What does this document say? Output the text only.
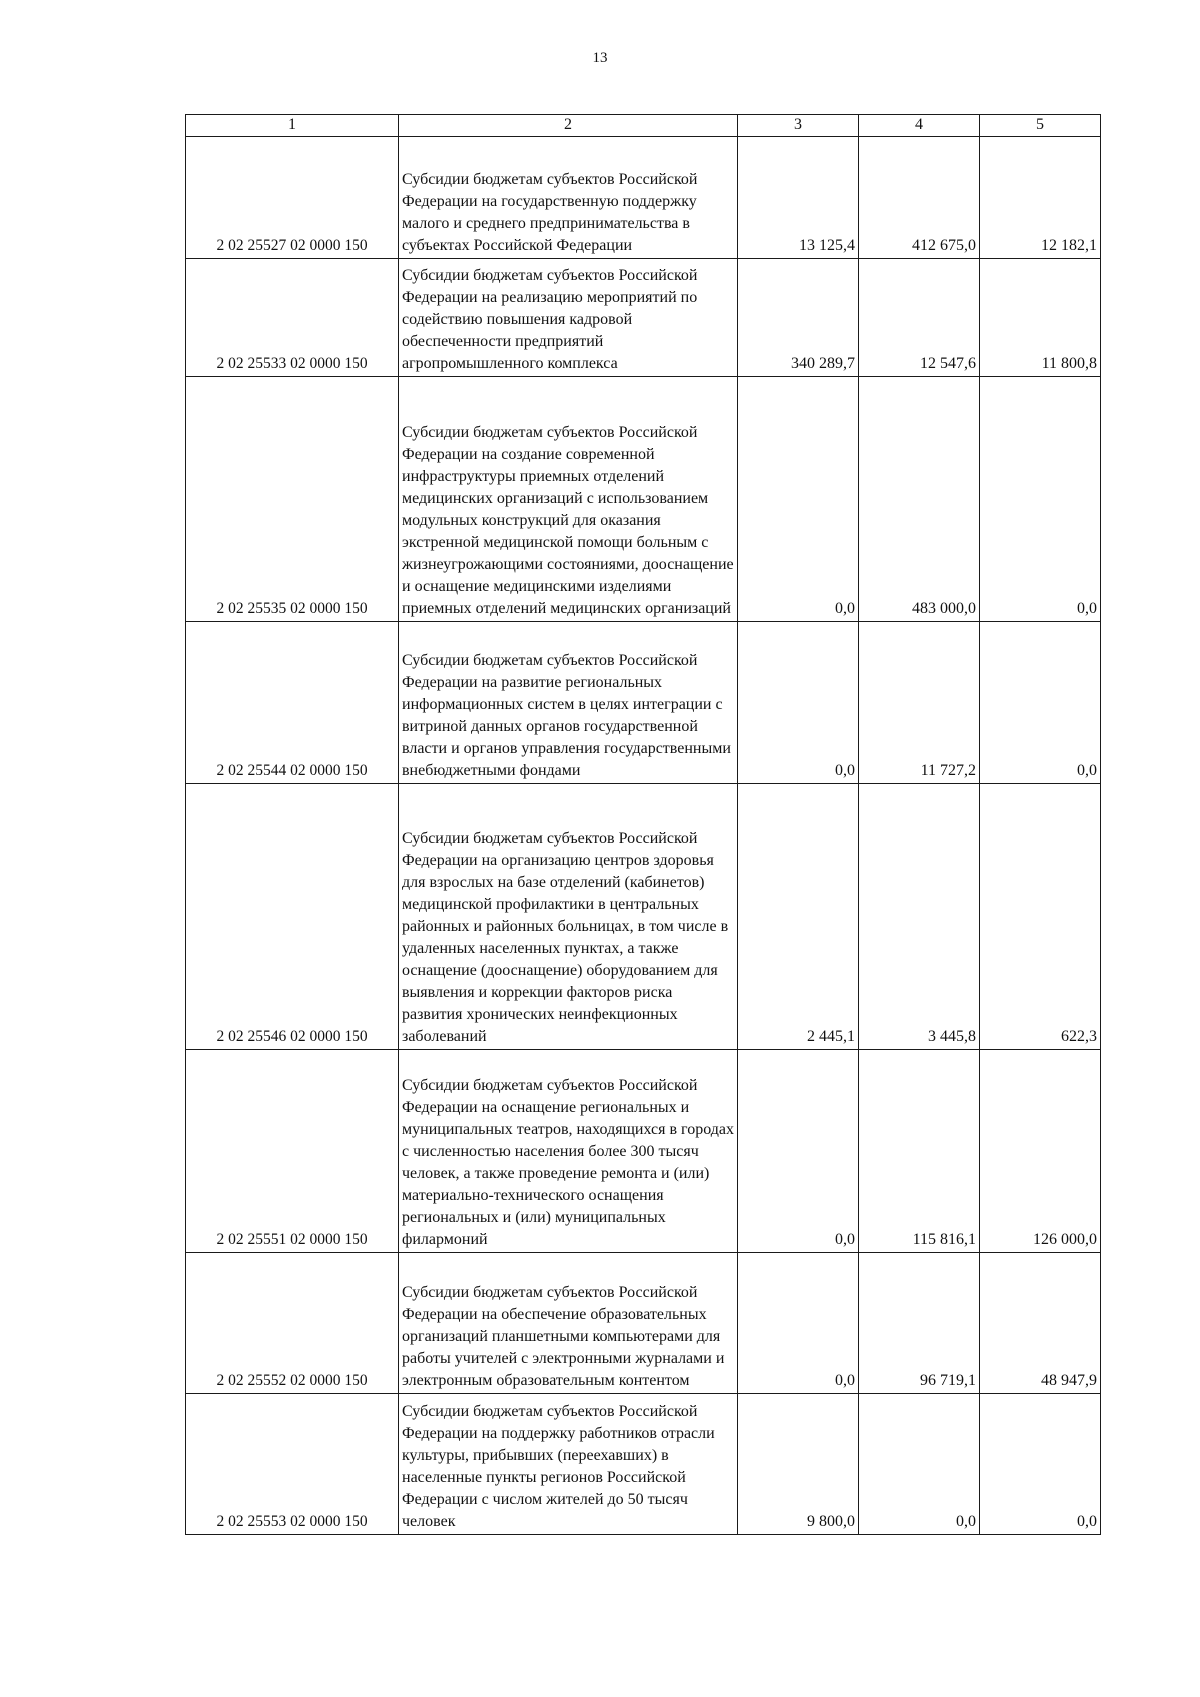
13
1	2	3	4	5
2 02 25527 02 0000 150	Субсидии бюджетам субъектов Российской Федерации на государственную поддержку малого и среднего предпринимательства в субъектах Российской Федерации	13 125,4	412 675,0	12 182,1
2 02 25533 02 0000 150	Субсидии бюджетам субъектов Российской Федерации на реализацию мероприятий по содействию повышения кадровой обеспеченности предприятий агропромышленного комплекса	340 289,7	12 547,6	11 800,8
2 02 25535 02 0000 150	Субсидии бюджетам субъектов Российской Федерации на создание современной инфраструктуры приемных отделений медицинских организаций с использованием модульных конструкций для оказания экстренной медицинской помощи больным с жизнеугрожающими состояниями, дооснащение и оснащение медицинскими изделиями приемных отделений медицинских организаций	0,0	483 000,0	0,0
2 02 25544 02 0000 150	Субсидии бюджетам субъектов Российской Федерации на развитие региональных информационных систем в целях интеграции с витриной данных органов государственной власти и органов управления государственными внебюджетными фондами	0,0	11 727,2	0,0
2 02 25546 02 0000 150	Субсидии бюджетам субъектов Российской Федерации на организацию центров здоровья для взрослых на базе отделений (кабинетов) медицинской профилактики в центральных районных и районных больницах, в том числе в удаленных населенных пунктах, а также оснащение (дооснащение) оборудованием для выявления и коррекции факторов риска развития хронических неинфекционных заболеваний	2 445,1	3 445,8	622,3
2 02 25551 02 0000 150	Субсидии бюджетам субъектов Российской Федерации на оснащение региональных и муниципальных театров, находящихся в городах с численностью населения более 300 тысяч человек, а также проведение ремонта и (или) материально-технического оснащения региональных и (или) муниципальных филармоний	0,0	115 816,1	126 000,0
2 02 25552 02 0000 150	Субсидии бюджетам субъектов Российской Федерации на обеспечение образовательных организаций планшетными компьютерами для работы учителей с электронными журналами и электронным образовательным контентом	0,0	96 719,1	48 947,9
2 02 25553 02 0000 150	Субсидии бюджетам субъектов Российской Федерации на поддержку работников отрасли культуры, прибывших (переехавших) в населенные пункты регионов Российской Федерации с числом жителей до 50 тысяч человек	9 800,0	0,0	0,0
